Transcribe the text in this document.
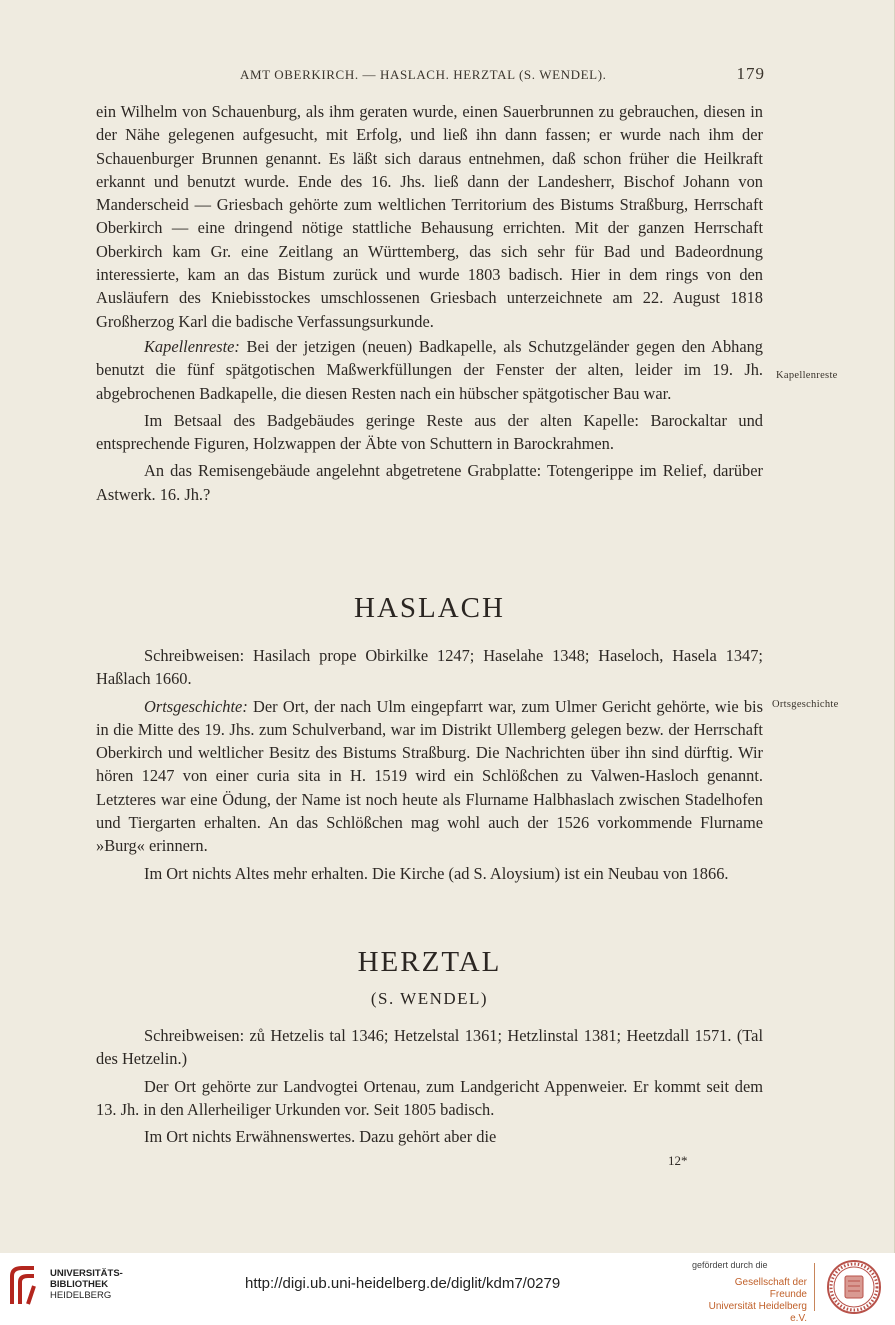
AMT OBERKIRCH. — HASLACH. HERZTAL (S. WENDEL).	179

ein Wilhelm von Schauenburg, als ihm geraten wurde, einen Sauerbrunnen zu gebrauchen, diesen in der Nähe gelegenen aufgesucht, mit Erfolg, und ließ ihn dann fassen; er wurde nach ihm der Schauenburger Brunnen genannt. Es läßt sich daraus entnehmen, daß schon früher die Heilkraft erkannt und benutzt wurde. Ende des 16. Jhs. ließ dann der Landesherr, Bischof Johann von Manderscheid — Griesbach gehörte zum weltlichen Territorium des Bistums Straßburg, Herrschaft Oberkirch — eine dringend nötige stattliche Behausung errichten. Mit der ganzen Herrschaft Oberkirch kam Gr. eine Zeitlang an Württemberg, das sich sehr für Bad und Badeordnung interessierte, kam an das Bistum zurück und wurde 1803 badisch. Hier in dem rings von den Ausläufern des Kniebisstockes umschlossenen Griesbach unterzeichnete am 22. August 1818 Großherzog Karl die badische Verfassungsurkunde.

Kapellenreste: Bei der jetzigen (neuen) Badkapelle, als Schutzgeländer gegen den Abhang benutzt die fünf spätgotischen Maßwerkfüllungen der Fenster der alten, leider im 19. Jh. abgebrochenen Badkapelle, die diesen Resten nach ein hübscher spätgotischer Bau war.

Im Betsaal des Badgebäudes geringe Reste aus der alten Kapelle: Barockaltar und entsprechende Figuren, Holzwappen der Äbte von Schuttern in Barockrahmen.

An das Remisengebäude angelehnt abgetretene Grabplatte: Totengerippe im Relief, darüber Astwerk. 16. Jh.?

Kapellenreste
HASLACH

Schreibweisen: Hasilach prope Obirkilke 1247; Haselahe 1348; Haseloch, Hasela 1347; Haßlach 1660.

Ortsgeschichte: Der Ort, der nach Ulm eingepfarrt war, zum Ulmer Gericht gehörte, wie bis in die Mitte des 19. Jhs. zum Schulverband, war im Distrikt Ullemberg gelegen bezw. der Herrschaft Oberkirch und weltlicher Besitz des Bistums Straßburg. Die Nachrichten über ihn sind dürftig. Wir hören 1247 von einer curia sita in H. 1519 wird ein Schlößchen zu Valwen-Hasloch genannt. Letzteres war eine Ödung, der Name ist noch heute als Flurname Halbhaslach zwischen Stadelhofen und Tiergarten erhalten. An das Schlößchen mag wohl auch der 1526 vorkommende Flurname »Burg« erinnern.

Im Ort nichts Altes mehr erhalten. Die Kirche (ad S. Aloysium) ist ein Neubau von 1866.

Ortsgeschichte
HERZTAL
(S. WENDEL)

Schreibweisen: zů Hetzelis tal 1346; Hetzelstal 1361; Hetzlinstal 1381; Heetzdall 1571. (Tal des Hetzelin.)

Der Ort gehörte zur Landvogtei Ortenau, zum Landgericht Appenweier. Er kommt seit dem 13. Jh. in den Allerheiliger Urkunden vor. Seit 1805 badisch.

Im Ort nichts Erwähnenswertes. Dazu gehört aber die

12*
UNIVERSITÄTS-
BIBLIOTHEK
HEIDELBERG
http://digi.ub.uni-heidelberg.de/diglit/kdm7/0279
gefördert durch die
Gesellschaft der Freunde
Universität Heidelberg e.V.
